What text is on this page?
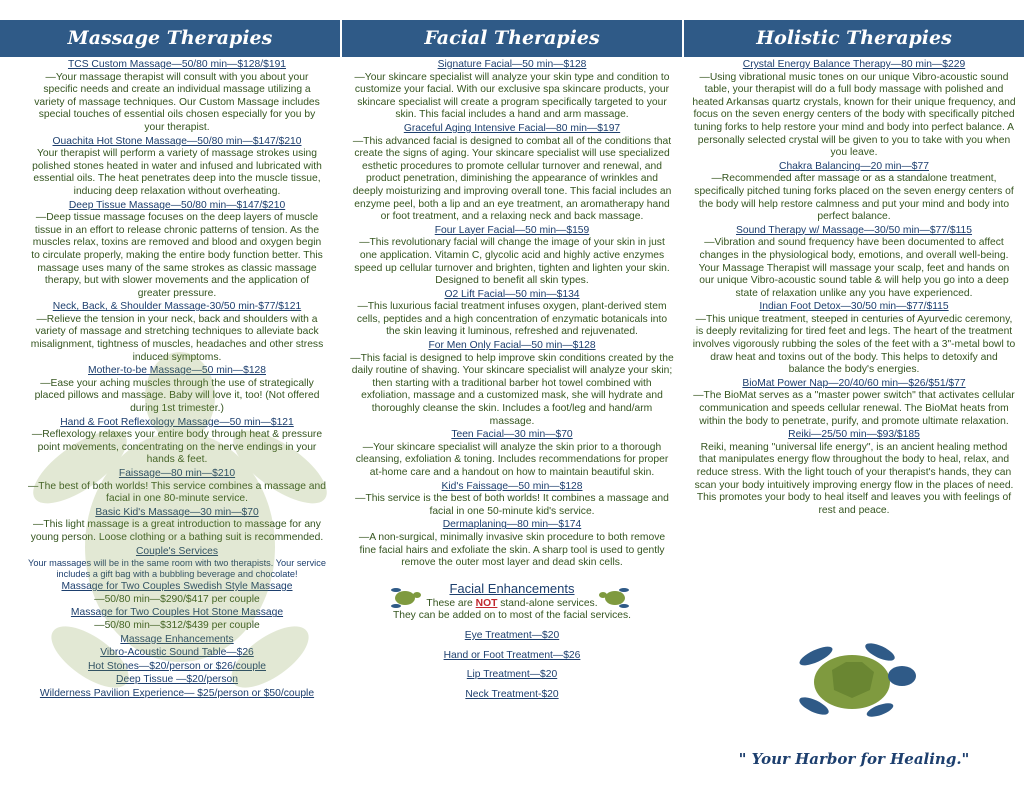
Massage Therapies
TCS Custom Massage—50/80 min—$128/$191
—Your massage therapist will consult with you about your specific needs and create an individual massage utilizing a variety of massage techniques. Our Custom Massage includes special touches of essential oils chosen especially for you by your therapist.
Ouachita Hot Stone Massage—50/80 min—$147/$210
Your therapist will perform a variety of massage strokes using polished stones heated in water and infused and lubricated with essential oils. The heat penetrates deep into the muscle tissue, inducing deep relaxation without overheating.
Deep Tissue Massage—50/80 min—$147/$210
—Deep tissue massage focuses on the deep layers of muscle tissue in an effort to release chronic patterns of tension. As the muscles relax, toxins are removed and blood and oxygen begin to circulate properly, making the entire body function better. This massage uses many of the same strokes as classic massage therapy, but with slower movements and the application of greater pressure.
Neck, Back, & Shoulder Massage-30/50 min-$77/$121
—Relieve the tension in your neck, back and shoulders with a variety of massage and stretching techniques to alleviate back misalignment, tightness of muscles, headaches and other stress induced symptoms.
Mother-to-be Massage—50 min—$128
—Ease your aching muscles through the use of strategically placed pillows and massage. Baby will love it, too! (Not offered during 1st trimester.)
Hand & Foot Reflexology Massage—50 min—$121
—Reflexology relaxes your entire body through heat & pressure point movements, concentrating on the nerve endings in your hands & feet.
Faissage—80 min—$210
—The best of both worlds! This service combines a massage and facial in one 80-minute service.
Basic Kid's Massage—30 min—$70
—This light massage is a great introduction to massage for any young person. Loose clothing or a bathing suit is recommended.
Couple's Services
Your massages will be in the same room with two therapists. Your service includes a gift bag with a bubbling beverage and chocolate!
Massage for Two Couples Swedish Style Massage
—50/80 min—$290/$417 per couple
Massage for Two Couples Hot Stone Massage
—50/80 min—$312/$439 per couple
Massage Enhancements
Vibro-Acoustic Sound Table—$26
Hot Stones—$20/person or $26/couple
Deep Tissue —$20/person
Wilderness Pavilion Experience— $25/person or $50/couple
Facial Therapies
Signature Facial—50 min—$128
—Your skincare specialist will analyze your skin type and condition to customize your facial. With our exclusive spa skincare products, your skincare specialist will create a program specifically targeted to your skin. This facial includes a hand and arm massage.
Graceful Aging Intensive Facial—80 min—$197
—This advanced facial is designed to combat all of the conditions that create the signs of aging. Your skincare specialist will use specialized esthetic procedures to promote cellular turnover and renewal, and product penetration, diminishing the appearance of wrinkles and deeply moisturizing and improving overall tone. This facial includes an enzyme peel, both a lip and an eye treatment, an aromatherapy hand or foot treatment, and a relaxing neck and back massage.
Four Layer Facial—50 min—$159
—This revolutionary facial will change the image of your skin in just one application. Vitamin C, glycolic acid and highly active enzymes speed up cellular turnover and brighten, tighten and lighten your skin. Designed to benefit all skin types.
O2 Lift Facial—50 min—$134
—This luxurious facial treatment infuses oxygen, plant-derived stem cells, peptides and a high concentration of enzymatic botanicals into the skin leaving it luminous, refreshed and rejuvenated.
For Men Only Facial—50 min—$128
—This facial is designed to help improve skin conditions created by the daily routine of shaving. Your skincare specialist will analyze your skin; then starting with a traditional barber hot towel combined with exfoliation, massage and a customized mask, she will hydrate and thoroughly cleanse the skin. Includes a foot/leg and hand/arm massage.
Teen Facial—30 min—$70
—Your skincare specialist will analyze the skin prior to a thorough cleansing, exfoliation & toning. Includes recommendations for proper at-home care and a handout on how to maintain beautiful skin.
Kid's Faissage—50 min—$128
—This service is the best of both worlds! It combines a massage and facial in one 50-minute kid's service.
Dermaplaning—80 min—$174
—A non-surgical, minimally invasive skin procedure to both remove fine facial hairs and exfoliate the skin. A sharp tool is used to gently remove the outer most layer and dead skin cells.
Facial Enhancements
These are NOT stand-alone services.
They can be added on to most of the facial services.
Eye Treatment—$20
Hand or Foot Treatment—$26
Lip Treatment—$20
Neck Treatment-$20
Holistic Therapies
Crystal Energy Balance Therapy—80 min—$229
—Using vibrational music tones on our unique Vibro-acoustic sound table, your therapist will do a full body massage with polished and heated Arkansas quartz crystals, known for their unique frequency, and focus on the seven energy centers of the body with specifically pitched tuning forks to help restore your mind and body into perfect balance. A personally selected crystal will be given to you to take with you when you leave.
Chakra Balancing—20 min—$77
—Recommended after massage or as a standalone treatment, specifically pitched tuning forks placed on the seven energy centers of the body will help restore calmness and put your mind and body into perfect balance.
Sound Therapy w/ Massage—30/50 min—$77/$115
—Vibration and sound frequency have been documented to affect changes in the physiological body, emotions, and overall well-being. Your Massage Therapist will massage your scalp, feet and hands on our unique Vibro-acoustic sound table & will help you go into a deep state of relaxation unlike any you have experienced.
Indian Foot Detox—30/50 min—$77/$115
—This unique treatment, steeped in centuries of Ayurvedic ceremony, is deeply revitalizing for tired feet and legs. The heart of the treatment involves vigorously rubbing the soles of the feet with a 3"-metal bowl to draw heat and toxins out of the body. This helps to detoxify and balance the body's energies.
BioMat Power Nap—20/40/60 min—$26/$51/$77
—The BioMat serves as a "master power switch" that activates cellular communication and speeds cellular renewal. The BioMat heats from within the body to penetrate, purify, and promote ultimate relaxation.
Reiki—25/50 min—$93/$185
Reiki, meaning "universal life energy", is an ancient healing method that manipulates energy flow throughout the body to heal, relax, and reduce stress. With the light touch of your therapist's hands, they can scan your body intuitively improving energy flow in the places of need. This promotes your body to heal itself and leaves you with feelings of rest and peace.
" Your Harbor for Healing."
